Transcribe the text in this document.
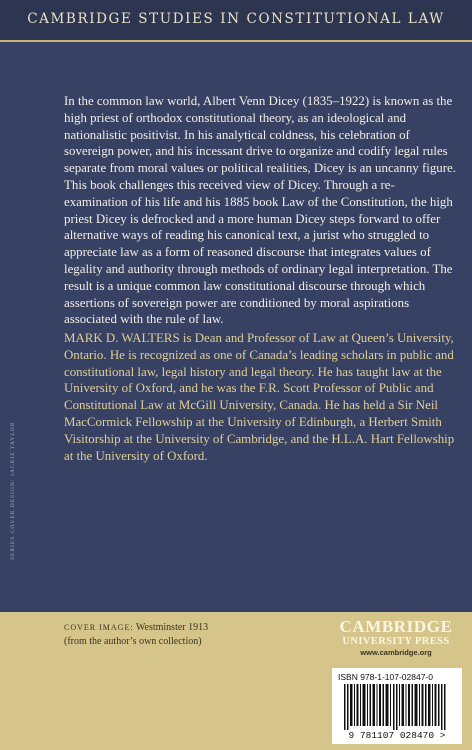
CAMBRIDGE STUDIES IN CONSTITUTIONAL LAW

In the common law world, Albert Venn Dicey (1835–1922) is known as the high priest of orthodox constitutional theory, as an ideological and nationalistic positivist. In his analytical coldness, his celebration of sovereign power, and his incessant drive to organize and codify legal rules separate from moral values or political realities, Dicey is an uncanny figure. This book challenges this received view of Dicey. Through a re-examination of his life and his 1885 book Law of the Constitution, the high priest Dicey is defrocked and a more human Dicey steps forward to offer alternative ways of reading his canonical text, a jurist who struggled to appreciate law as a form of reasoned discourse that integrates values of legality and authority through methods of ordinary legal interpretation. The result is a unique common law constitutional discourse through which assertions of sovereign power are conditioned by moral aspirations associated with the rule of law.

MARK D. WALTERS is Dean and Professor of Law at Queen’s University, Ontario. He is recognized as one of Canada’s leading scholars in public and constitutional law, legal history and legal theory. He has taught law at the University of Oxford, and he was the F.R. Scott Professor of Public and Constitutional Law at McGill University, Canada. He has held a Sir Neil MacCormick Fellowship at the University of Edinburgh, a Herbert Smith Visitorship at the University of Cambridge, and the H.L.A. Hart Fellowship at the University of Oxford.

SERIES COVER DESIGN: JACKIE TAYLOR
COVER IMAGE: Westminster 1913
(from the author’s own collection)
CAMBRIDGE
UNIVERSITY PRESS
www.cambridge.org
ISBN 978-1-107-02847-0
9 781107 028470 >
